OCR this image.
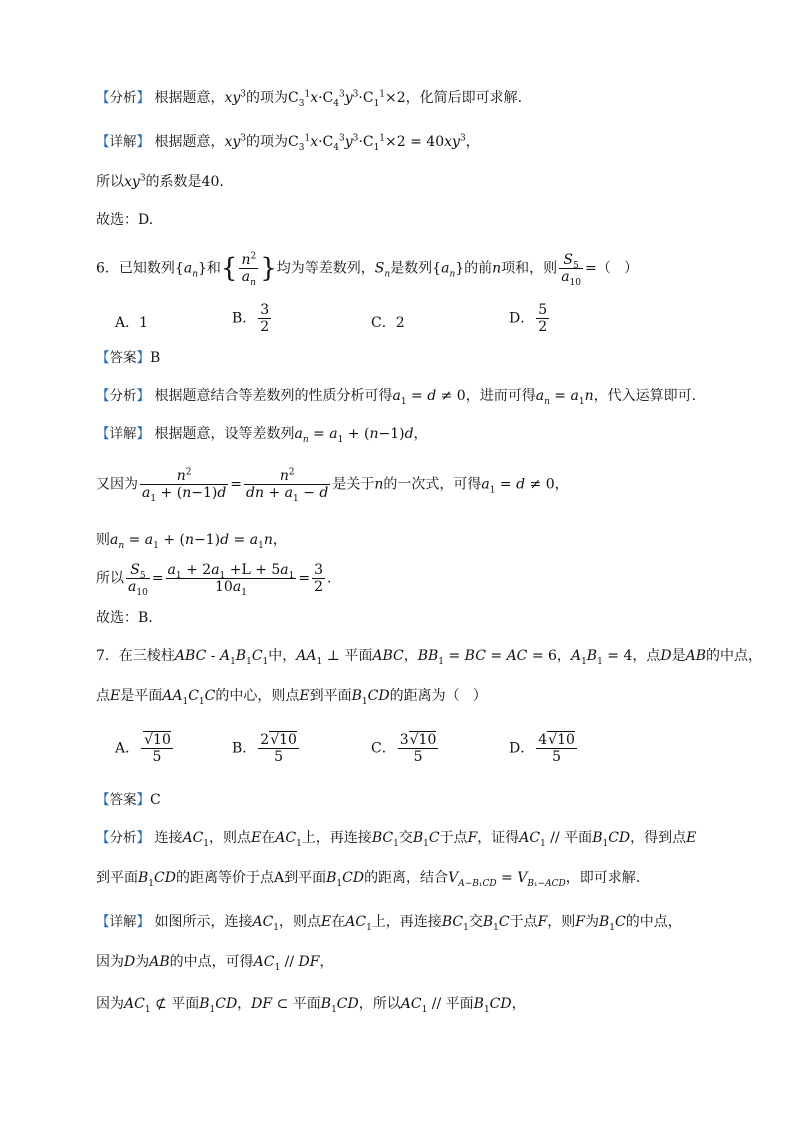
【分析】 根据题意，$xy^3$的项为$C_3^1x\cdot C_4^3y^3\cdot C_1^1\times 2$，化简后即可求解.
【详解】 根据题意，$xy^3$的项为$C_3^1x\cdot C_4^3y^3\cdot C_1^1\times 2 = 40xy^3$，
所以$xy^3$的系数是40.
故选：D.
6．已知数列$\{a_n\}$和{ $\frac{n^2}{a_n}$ }均为等差数列，$S_n$是数列$\{a_n\}$的前n项和，则 $\frac{S_5}{a_{10}}$ =（   ）
A．1	B． $\frac{3}{2}$	C．2	D． $\frac{5}{2}$
【答案】B
【分析】 根据题意结合等差数列的性质分析可得$a_1 = d \ne 0$，进而可得$a_n = a_1n$，代入运算即可.
【详解】 根据题意，设等差数列$a_n = a_1 + (n-1)d$，
又因为 $\frac{n^2}{a_1 + (n-1)d} = \frac{n^2}{dn + a_1 - d}$ 是关于n的一次式，可得$a_1 = d \ne 0$，
则$a_n = a_1 + (n-1)d = a_1n$，
所以 $\frac{S_5}{a_{10}} = \frac{a_1 + 2a_1 +L + 5a_1}{10a_1} = \frac{3}{2}$ .
故选：B.
7．在三棱柱ABC - $A_1B_1C_1$中，$AA_1$ ⊥ 平面ABC，$BB_1$ = BC = AC = 6，$A_1B_1 = 4$，点D是AB的中点，
点E是平面$AA_1C_1C$的中心，则点E到平面$B_1CD$的距离为（   ）
A． $\frac{√10}{5}$	B． $\frac{2√10}{5}$	C． $\frac{3√10}{5}$	D． $\frac{4√10}{5}$
【答案】C
【分析】 连接$AC_1$，则点E在$AC_1$上，再连接$BC_1$交$B_1C$于点F，证得$AC_1$ // 平面$B_1CD$，得到点E
到平面$B_1CD$的距离等价于点A到平面$B_1CD$的距离，结合$V_{A-B_1CD} = V_{B_1-ACD}$，即可求解.
【详解】 如图所示，连接$AC_1$，则点E在$AC_1$上，再连接$BC_1$交$B_1C$于点F，则F为$B_1C$的中点，
因为D为AB的中点，可得$AC_1$ // DF，
因为$AC_1$ ⊄ 平面$B_1CD$，DF ⊂ 平面$B_1CD$，所以$AC_1$ // 平面$B_1CD$，
